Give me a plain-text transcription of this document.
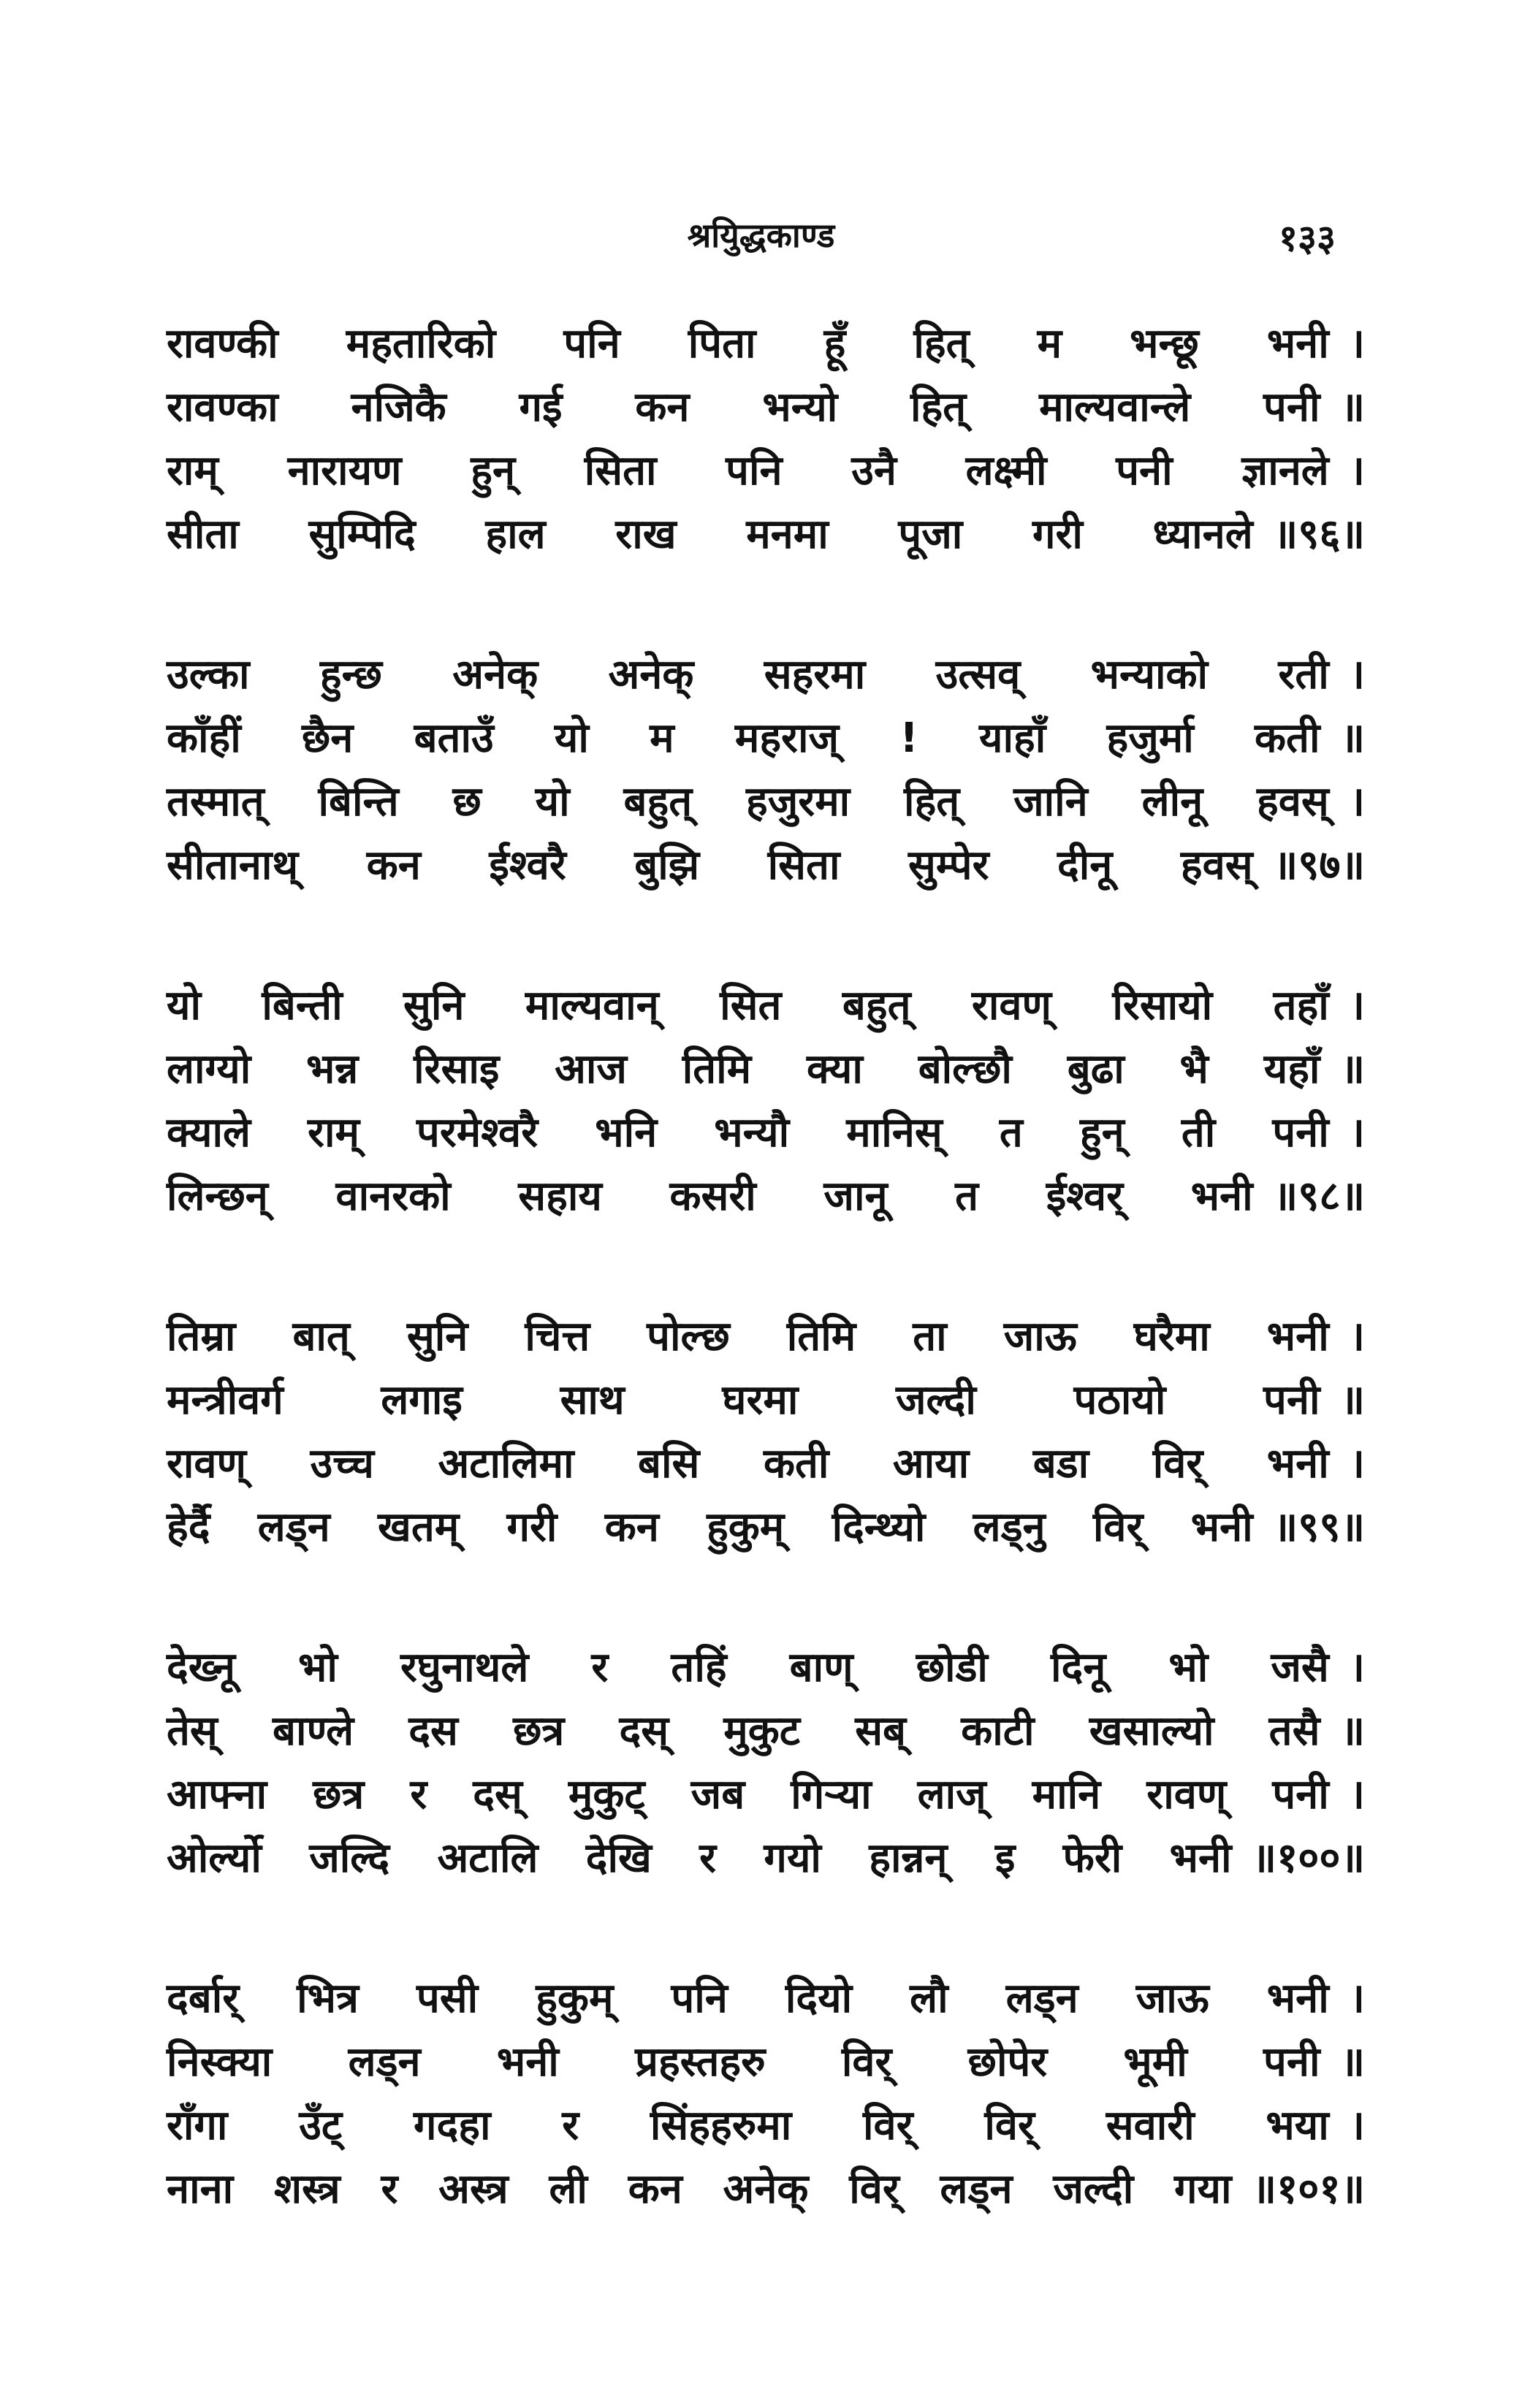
श्रयुिद्धकाण्ड	१३३
रावण्की महतारिको पनि पिता हूँ हित् म भन्छू भनी ।
रावण्का नजिकै गई कन भन्यो हित् माल्यवान्ले पनी ॥
राम् नारायण हुन् सिता पनि उनै लक्ष्मी पनी ज्ञानले ।
सीता सुम्पिदि हाल राख मनमा पूजा गरी ध्यानले ॥९६॥
उल्का हुन्छ अनेक् अनेक् सहरमा उत्सव् भन्याको रती ।
काँहीं छैन बताउँ यो म महराज् ! याहाँ हजुर्मा कती ॥
तस्मात् बिन्ति छ यो बहुत् हजुरमा हित् जानि लीनू हवस् ।
सीतानाथ् कन ईश्वरै बुझि सिता सुम्पेर दीनू हवस् ॥९७॥
यो बिन्ती सुनि माल्यवान् सित बहुत् रावण् रिसायो तहाँ ।
लाग्यो भन्न रिसाइ आज तिमि क्या बोल्छौ बुढा भै यहाँ ॥
क्याले राम् परमेश्वरै भनि भन्यौ मानिस् त हुन् ती पनी ।
लिन्छन् वानरको सहाय कसरी जानू त ईश्वर् भनी ॥९८॥
तिम्रा बात् सुनि चित्त पोल्छ तिमि ता जाऊ घरैमा भनी ।
मन्त्रीवर्ग लगाइ साथ घरमा जल्दी पठायो पनी ॥
रावण् उच्च अटालिमा बसि कती आया बडा विर् भनी ।
हेर्दै लड्न खतम् गरी कन हुकुम् दिन्थ्यो लड्नु विर् भनी ॥९९॥
देख्नू भो रघुनाथले र तहिं बाण् छोडी दिनू भो जसै ।
तेस् बाण्ले दस छत्र दस् मुकुट सब् काटी खसाल्यो तसै ॥
आफ्ना छत्र र दस् मुकुट् जब गिऱ्या लाज् मानि रावण् पनी ।
ओर्ल्यो जल्दि अटालि देखि र गयो हान्नन् इ फेरी भनी ॥१००॥
दर्बार् भित्र पसी हुकुम् पनि दियो लौ लड्न जाऊ भनी ।
निस्क्या लड्न भनी प्रहस्तहरु विर् छोपेर भूमी पनी ॥
राँगा उँट् गदहा र सिंहहरुमा विर् विर् सवारी भया ।
नाना शस्त्र र अस्त्र ली कन अनेक् विर् लड्न जल्दी गया ॥१०१॥
